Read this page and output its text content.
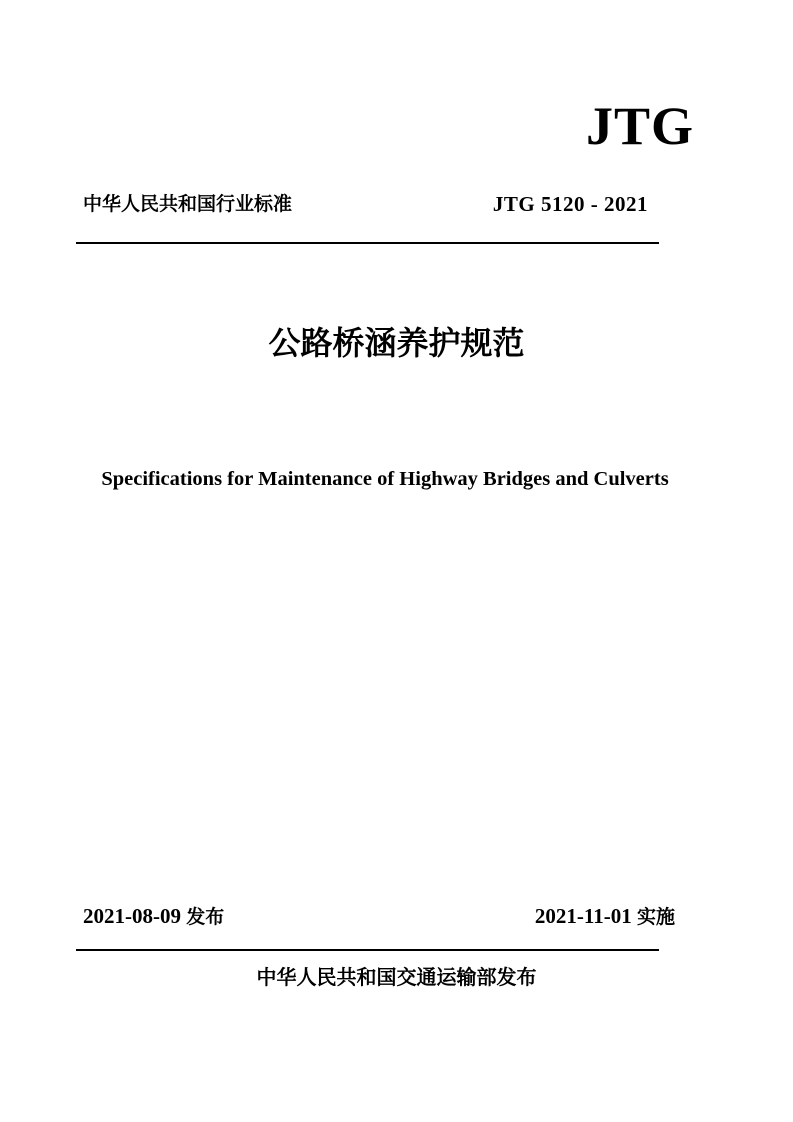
JTG
中华人民共和国行业标准	JTG 5120 - 2021
公路桥涵养护规范
Specifications for Maintenance of Highway Bridges and Culverts
2021-08-09 发布	2021-11-01 实施
中华人民共和国交通运输部发布
